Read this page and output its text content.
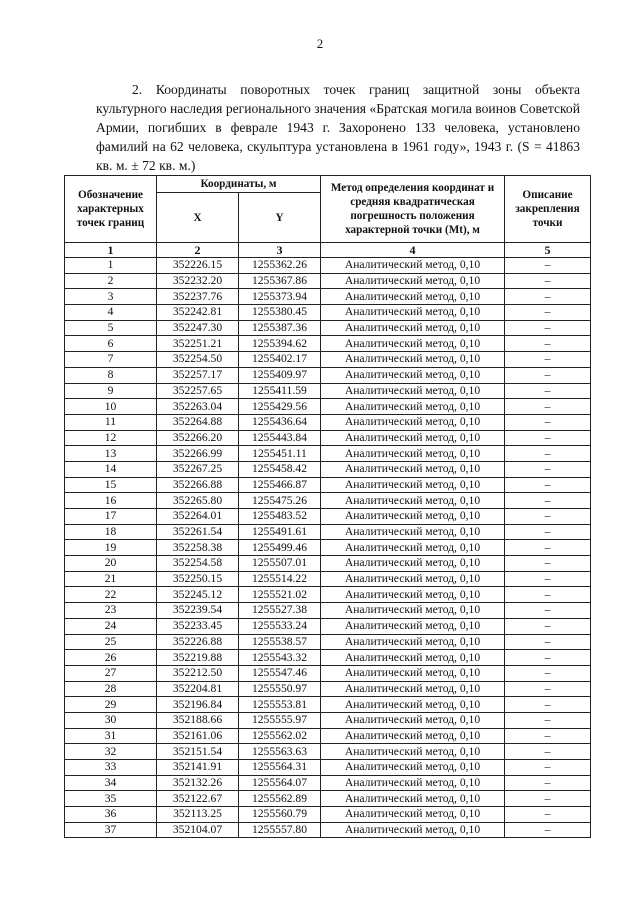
2

2. Координаты поворотных точек границ защитной зоны объекта культурного наследия регионального значения «Братская могила воинов Советской Армии, погибших в феврале 1943 г. Захоронено 133 человека, установлено фамилий на 62 человека, скульптура установлена в 1961 году», 1943 г. (S = 41863 кв. м. ± 72 кв. м.)

Обозначение характерных точек границ	Координаты, м		Метод определения координат и средняя квадратическая погрешность положения характерной точки (Mt), м	Описание закрепления точки
	X	Y		
1	2	3	4	5
1	352226.15	1255362.26	Аналитический метод, 0,10	–
2	352232.20	1255367.86	Аналитический метод, 0,10	–
3	352237.76	1255373.94	Аналитический метод, 0,10	–
4	352242.81	1255380.45	Аналитический метод, 0,10	–
5	352247.30	1255387.36	Аналитический метод, 0,10	–
6	352251.21	1255394.62	Аналитический метод, 0,10	–
7	352254.50	1255402.17	Аналитический метод, 0,10	–
8	352257.17	1255409.97	Аналитический метод, 0,10	–
9	352257.65	1255411.59	Аналитический метод, 0,10	–
10	352263.04	1255429.56	Аналитический метод, 0,10	–
11	352264.88	1255436.64	Аналитический метод, 0,10	–
12	352266.20	1255443.84	Аналитический метод, 0,10	–
13	352266.99	1255451.11	Аналитический метод, 0,10	–
14	352267.25	1255458.42	Аналитический метод, 0,10	–
15	352266.88	1255466.87	Аналитический метод, 0,10	–
16	352265.80	1255475.26	Аналитический метод, 0,10	–
17	352264.01	1255483.52	Аналитический метод, 0,10	–
18	352261.54	1255491.61	Аналитический метод, 0,10	–
19	352258.38	1255499.46	Аналитический метод, 0,10	–
20	352254.58	1255507.01	Аналитический метод, 0,10	–
21	352250.15	1255514.22	Аналитический метод, 0,10	–
22	352245.12	1255521.02	Аналитический метод, 0,10	–
23	352239.54	1255527.38	Аналитический метод, 0,10	–
24	352233.45	1255533.24	Аналитический метод, 0,10	–
25	352226.88	1255538.57	Аналитический метод, 0,10	–
26	352219.88	1255543.32	Аналитический метод, 0,10	–
27	352212.50	1255547.46	Аналитический метод, 0,10	–
28	352204.81	1255550.97	Аналитический метод, 0,10	–
29	352196.84	1255553.81	Аналитический метод, 0,10	–
30	352188.66	1255555.97	Аналитический метод, 0,10	–
31	352161.06	1255562.02	Аналитический метод, 0,10	–
32	352151.54	1255563.63	Аналитический метод, 0,10	–
33	352141.91	1255564.31	Аналитический метод, 0,10	–
34	352132.26	1255564.07	Аналитический метод, 0,10	–
35	352122.67	1255562.89	Аналитический метод, 0,10	–
36	352113.25	1255560.79	Аналитический метод, 0,10	–
37	352104.07	1255557.80	Аналитический метод, 0,10	–
